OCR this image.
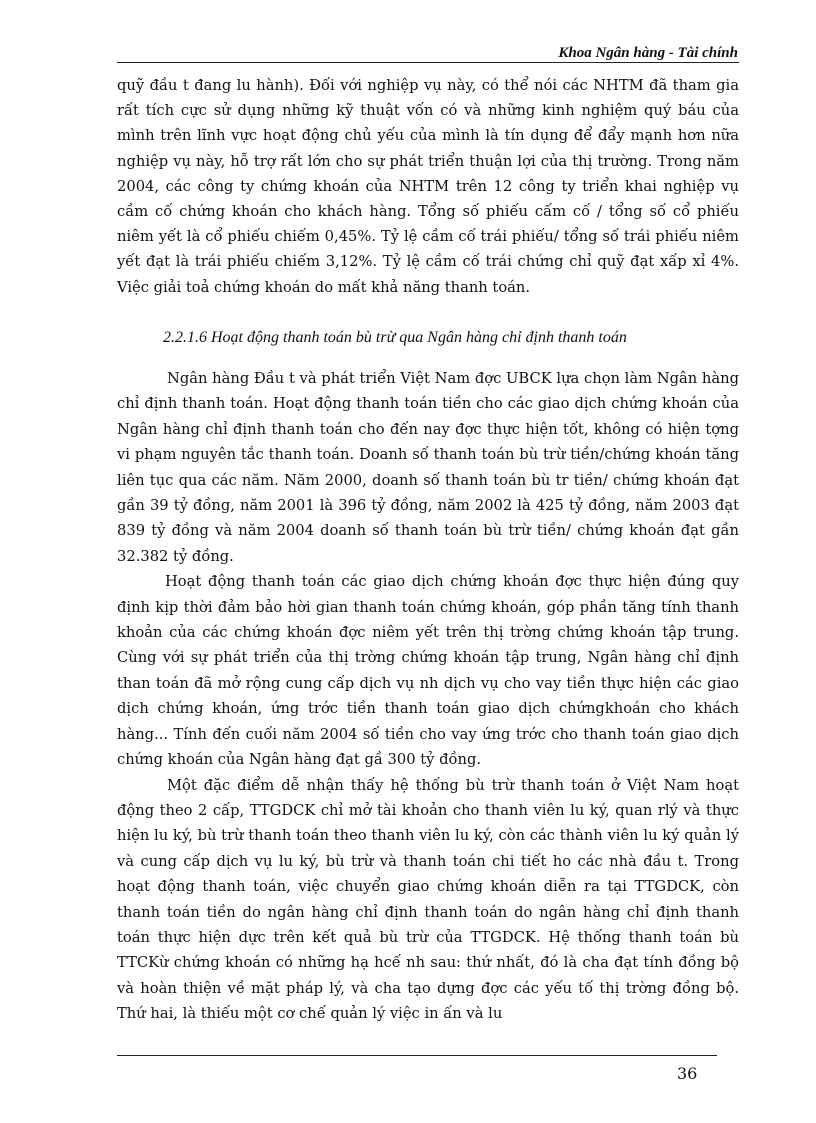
Khoa Ngân hàng - Tài chính

quỹ đầu t đang lu hành). Đối với nghiệp vụ này, có thể nói các NHTM đã tham gia rất tích cực sử dụng những kỹ thuật vốn có và những kinh nghiệm quý báu của mình trên lĩnh vực hoạt động chủ yếu của mình là tín dụng để đẩy mạnh hơn nữa nghiệp vụ này, hỗ trợ rất lớn cho sự phát triển thuận lợi của thị trường. Trong năm 2004, các công ty chứng khoán của NHTM trên 12 công ty triển khai nghiệp vụ cầm cố chứng khoán cho khách hàng. Tổng số phiếu cấm cố / tổng số cổ phiếu niêm yết là cổ phiếu chiếm 0,45%. Tỷ lệ cầm cố trái phiếu/ tổng số trái phiếu niêm yết đạt là trái phiếu chiếm 3,12%. Tỷ lệ cầm cố trái chứng chỉ quỹ đạt xấp xỉ 4%. Việc giải toả chứng khoán do mất khả năng thanh toán.

2.2.1.6 Hoạt động thanh toán bù trừ qua Ngân hàng chỉ định thanh toán

Ngân hàng Đầu t và phát triển Việt Nam đợc UBCK lựa chọn làm Ngân hàng chỉ định thanh toán. Hoạt động thanh toán tiền cho các giao dịch chứng khoán của Ngân hàng chỉ định thanh toán cho đến nay đợc thực hiện tốt, không có hiện tợng vi phạm nguyên tắc thanh toán. Doanh số thanh toán bù trừ tiền/chứng khoán tăng liên tục qua các năm. Năm 2000, doanh số thanh toán bù tr tiền/ chứng khoán đạt gần 39 tỷ đồng, năm 2001 là 396 tỷ đồng, năm 2002 là 425 tỷ đồng, năm 2003 đạt 839 tỷ đồng và năm 2004 doanh số thanh toán bù trừ tiền/ chứng khoán đạt gần 32.382 tỷ đồng.

Hoạt động thanh toán các giao dịch chứng khoán đợc thực hiện đúng quy định kịp thời đảm bảo hời gian thanh toán chứng khoán, góp phần tăng tính thanh khoản của các chứng khoán đợc niêm yết trên thị trờng chứng khoán tập trung. Cùng với sự phát triển của thị trờng chứng khoán tập trung, Ngân hàng chỉ định than toán đã mở rộng cung cấp dịch vụ nh dịch vụ cho vay tiền thực hiện các giao dịch chứng khoán, ứng trớc tiền thanh toán giao dịch chứngkhoán cho khách hàng... Tính đến cuối năm 2004 số tiền cho vay ứng trớc cho thanh toán giao dịch chứng khoán của Ngân hàng đạt gầ 300 tỷ đồng.

Một đặc điểm dễ nhận thấy hệ thống bù trừ thanh toán ở Việt Nam hoạt động theo 2 cấp, TTGDCK chỉ mở tài khoản cho thanh viên lu ký, quan rlý và thực hiện lu ký, bù trừ thanh toán theo thanh viên lu ký, còn các thành viên lu ký quản lý và cung cấp dịch vụ lu ký, bù trừ và thanh toán chi tiết ho các nhà đầu t. Trong hoạt động thanh toán, việc chuyển giao chứng khoán diễn ra tại TTGDCK, còn thanh toán tiền do ngân hàng chỉ định thanh toán do ngân hàng chỉ định thanh toán thực hiện dực trên kết quả bù trừ của TTGDCK. Hệ thống thanh toán bù TTCKừ chứng khoán có những hạ hcế nh sau: thứ nhất, đó là cha đạt tính đồng bộ và hoàn thiện về mặt pháp lý, và cha tạo dựng đợc các yếu tố thị trờng đồng bộ. Thứ hai, là thiếu một cơ chế quản lý việc in ấn và lu

36
